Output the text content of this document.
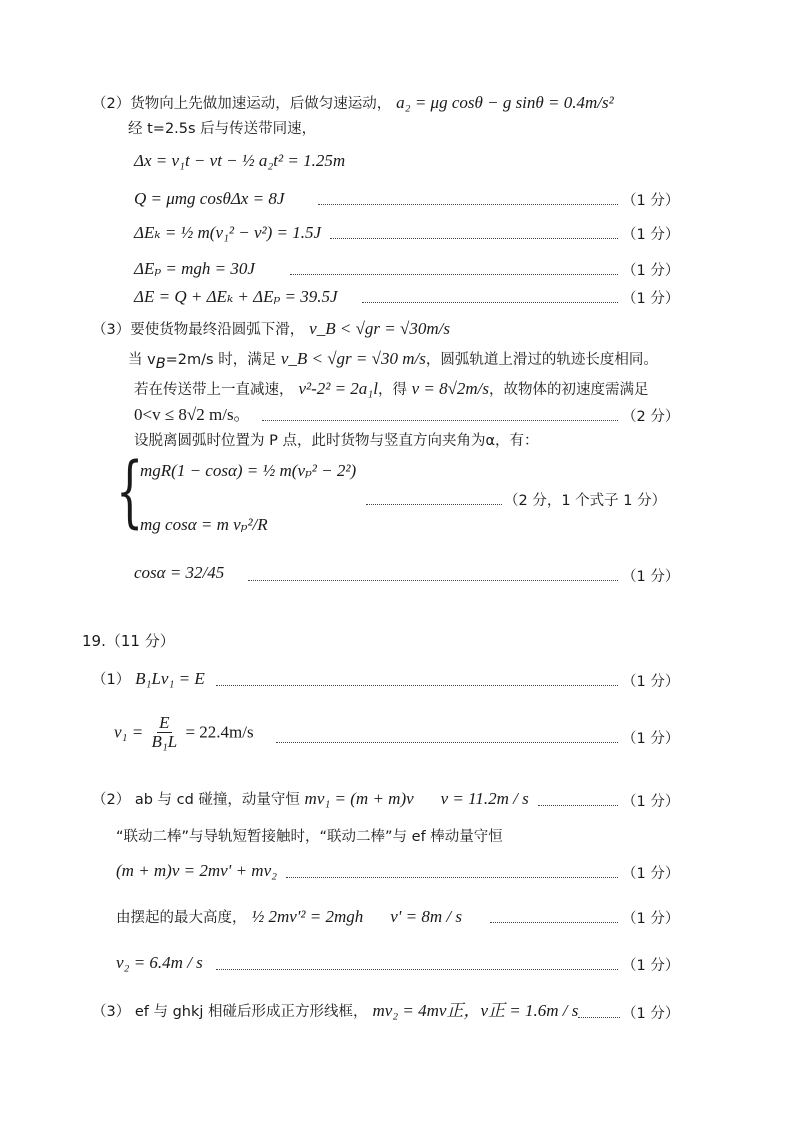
（2）货物向上先做加速运动，后做匀速运动， a₂ = μg cosθ − g sinθ = 0.4m/s²
经 t=2.5s 后与传送带同速，
Δx = v₁t − vt − ½ a₂t² = 1.25m
Q = μmg cosθΔx = 8J	（1 分）
ΔEₖ = ½ m(v₁² − v²) = 1.5J	（1 分）
ΔEₚ = mgh = 30J	（1 分）
ΔE = Q + ΔEₖ + ΔEₚ = 39.5J	（1 分）
（3）要使货物最终沿圆弧下滑， v_B < √gr = √30m/s
当 $v_B=2m/s$ 时，满足 v_B < √gr = √30 m/s，圆弧轨道上滑过的轨迹长度相同。
若在传送带上一直减速， v²-2² = 2a₁l，得 v = 8√2m/s，故物体的初速度需满足
0<v ≤ 8√2 m/s。	（2 分）
设脱离圆弧时位置为 P 点，此时货物与竖直方向夹角为α，有：
{
mgR(1 − cosα) = ½ m(vₚ² − 2²)
mg cosα = m vₚ²/R
（2 分，1 个式子 1 分）
cosα = 32/45	（1 分）
19.（11 分）
（1） B₁Lv₁ = E	（1 分）
$v_1 = \frac{E}{\text{B₁L}} = 22.4m/s$	（1 分）
（2） ab 与 cd 碰撞，动量守恒 mv₁ = (m + m)v v = 11.2m / s	（1 分）
“联动二棒”与导轨短暂接触时，“联动二棒”与 ef 棒动量守恒
(m + m)v = 2mv' + mv₂	（1 分）
由摆起的最大高度， ½ 2mv'² = 2mgh v' = 8m / s	（1 分）
v₂ = 6.4m / s	（1 分）
（3） ef 与 ghkj 相碰后形成正方形线框， mv₂ = 4mv正，v正 = 1.6m / s	（1 分）
